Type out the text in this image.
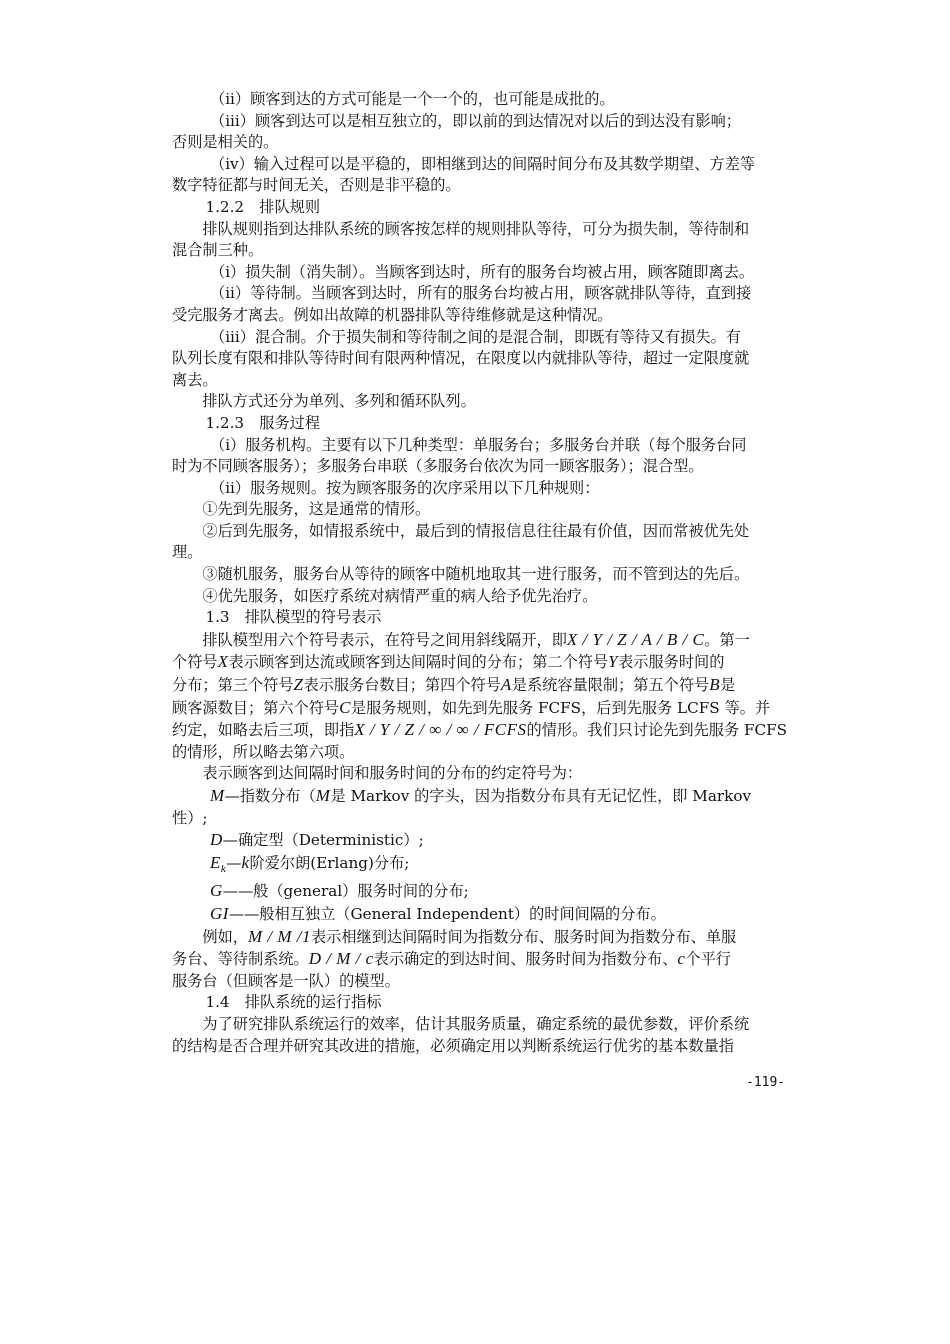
（ii）顾客到达的方式可能是一个一个的，也可能是成批的。

（iii）顾客到达可以是相互独立的，即以前的到达情况对以后的到达没有影响；

否则是相关的。

（iv）输入过程可以是平稳的，即相继到达的间隔时间分布及其数学期望、方差等

数字特征都与时间无关，否则是非平稳的。

1.2.2　排队规则

排队规则指到达排队系统的顾客按怎样的规则排队等待，可分为损失制，等待制和

混合制三种。

（i）损失制（消失制）。当顾客到达时，所有的服务台均被占用，顾客随即离去。

（ii）等待制。当顾客到达时，所有的服务台均被占用，顾客就排队等待，直到接

受完服务才离去。例如出故障的机器排队等待维修就是这种情况。

（iii）混合制。介于损失制和等待制之间的是混合制，即既有等待又有损失。有

队列长度有限和排队等待时间有限两种情况，在限度以内就排队等待，超过一定限度就

离去。

排队方式还分为单列、多列和循环队列。

1.2.3　服务过程

（i）服务机构。主要有以下几种类型：单服务台；多服务台并联（每个服务台同

时为不同顾客服务）；多服务台串联（多服务台依次为同一顾客服务）；混合型。

（ii）服务规则。按为顾客服务的次序采用以下几种规则：

①先到先服务，这是通常的情形。

②后到先服务，如情报系统中，最后到的情报信息往往最有价值，因而常被优先处

理。

③随机服务，服务台从等待的顾客中随机地取其一进行服务，而不管到达的先后。

④优先服务，如医疗系统对病情严重的病人给予优先治疗。

1.3　排队模型的符号表示

排队模型用六个符号表示，在符号之间用斜线隔开，即X / Y / Z / A / B / C。第一

个符号X表示顾客到达流或顾客到达间隔时间的分布；第二个符号Y表示服务时间的

分布；第三个符号Z表示服务台数目；第四个符号A是系统容量限制；第五个符号B是

顾客源数目；第六个符号C是服务规则，如先到先服务 FCFS，后到先服务 LCFS 等。并

约定，如略去后三项，即指X / Y / Z / ∞ / ∞ / FCFS的情形。我们只讨论先到先服务 FCFS

的情形，所以略去第六项。

表示顾客到达间隔时间和服务时间的分布的约定符号为：

M—指数分布（M是 Markov 的字头，因为指数分布具有无记忆性，即 Markov

性）;

D—确定型（Deterministic）;

$E_k—k$阶爱尔朗(Erlang)分布;

G——般（general）服务时间的分布;

GI——般相互独立（General Independent）的时间间隔的分布。

例如，M / M /1表示相继到达间隔时间为指数分布、服务时间为指数分布、单服

务台、等待制系统。D / M / c表示确定的到达时间、服务时间为指数分布、c个平行

服务台（但顾客是一队）的模型。

1.4　排队系统的运行指标

为了研究排队系统运行的效率，估计其服务质量，确定系统的最优参数，评价系统

的结构是否合理并研究其改进的措施，必须确定用以判断系统运行优劣的基本数量指

-119-
